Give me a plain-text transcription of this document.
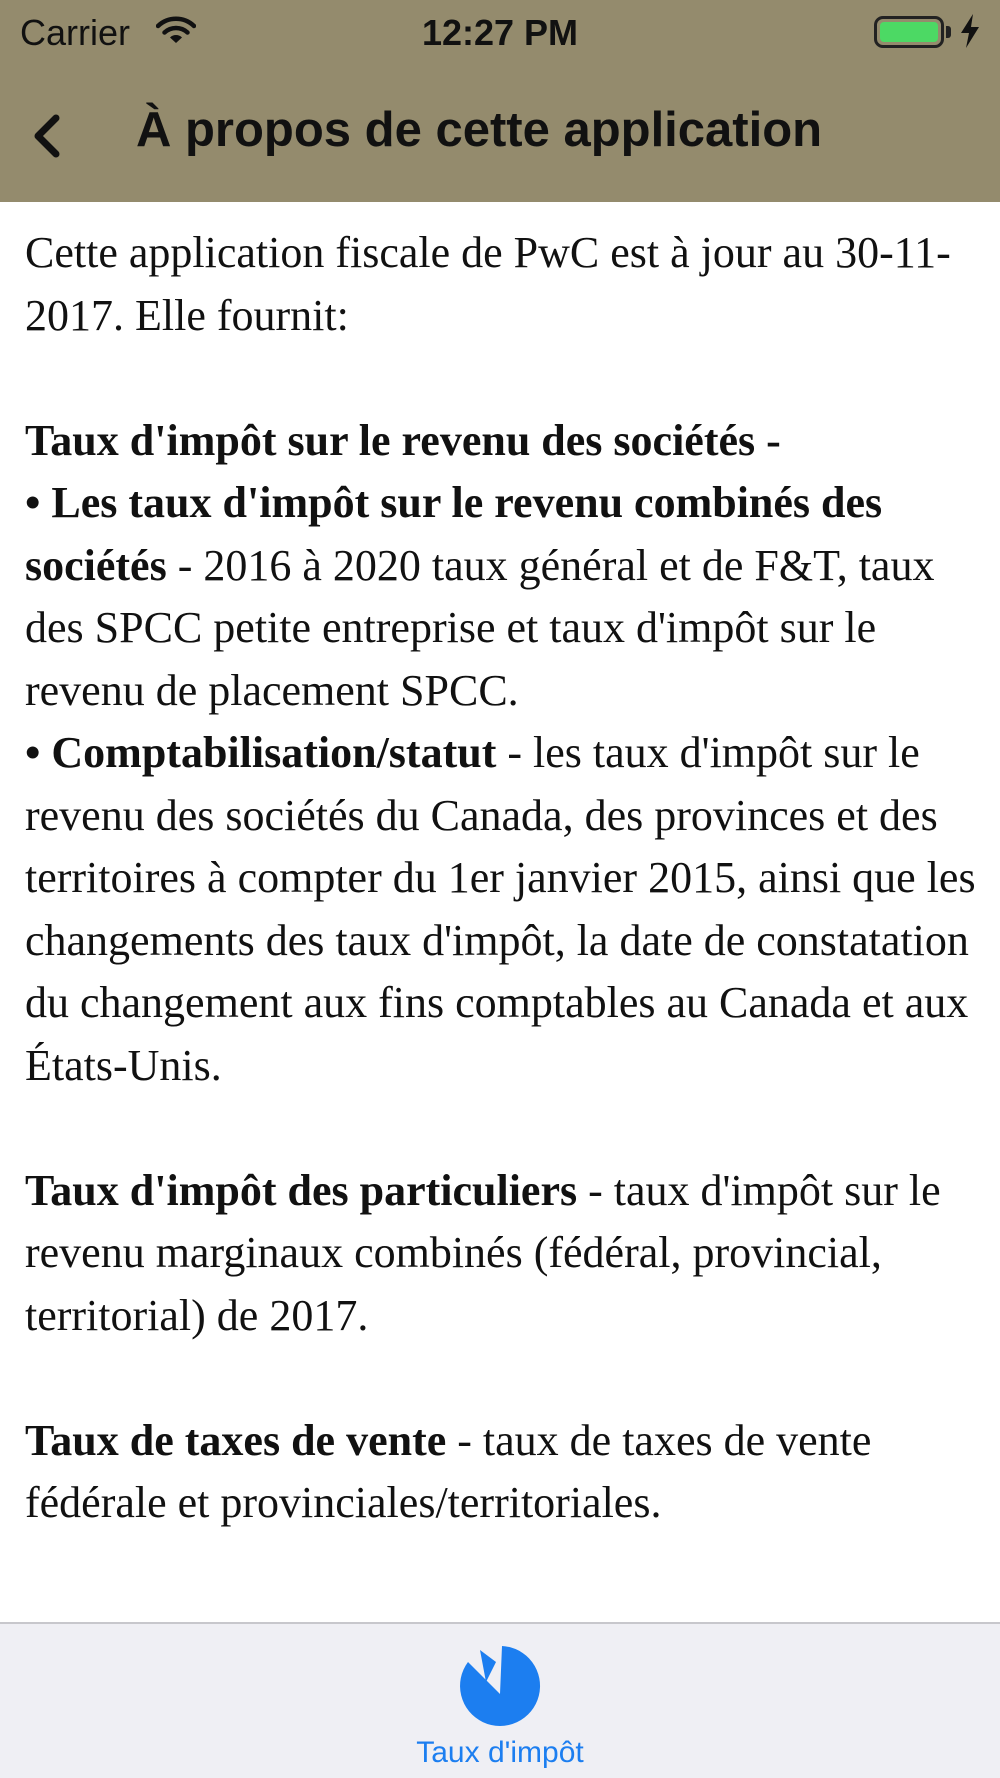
Carrier	12:27 PM
À propos de cette application

Cette application fiscale de PwC est à jour au 30-11-2017. Elle fournit:

Taux d'impôt sur le revenu des sociétés -

• Les taux d'impôt sur le revenu combinés des sociétés - 2016 à 2020 taux général et de F&T, taux des SPCC petite entreprise et taux d'impôt sur le revenu de placement SPCC.

• Comptabilisation/statut - les taux d'impôt sur le revenu des sociétés du Canada, des provinces et des territoires à compter du 1er janvier 2015, ainsi que les changements des taux d'impôt, la date de constatation du changement aux fins comptables au Canada et aux États-Unis.

Taux d'impôt des particuliers - taux d'impôt sur le revenu marginaux combinés (fédéral, provincial, territorial) de 2017.

Taux de taxes de vente - taux de taxes de vente fédérale et provinciales/territoriales.

Taux d'impôt
